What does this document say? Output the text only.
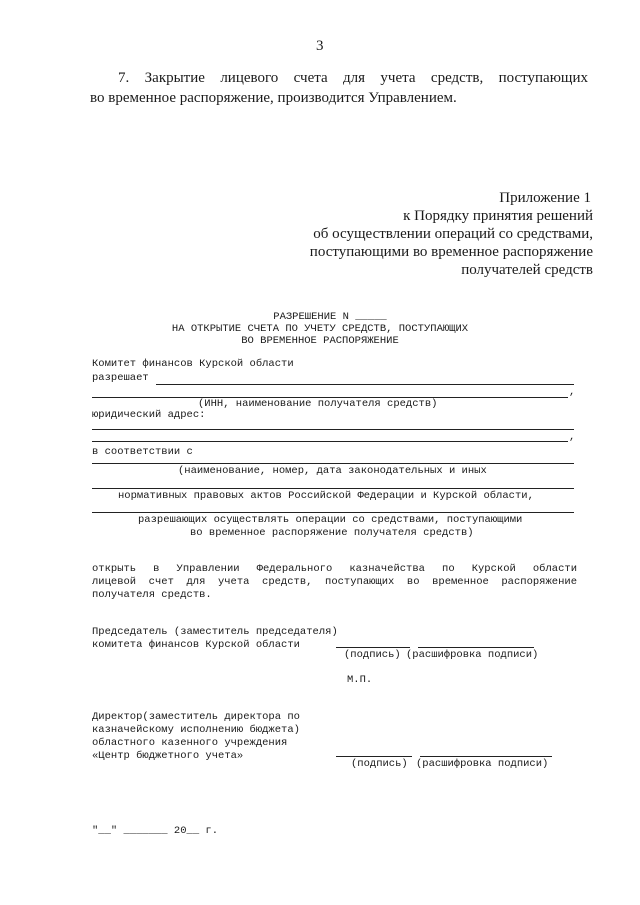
3
7. Закрытие лицевого счета для учета средств, поступающих
во временное распоряжение, производится Управлением.
Приложение 1
к Порядку принятия решений
об осуществлении операций со средствами,
поступающими во временное распоряжение
получателей средств
РАЗРЕШЕНИЕ N _____
НА ОТКРЫТИЕ СЧЕТА ПО УЧЕТУ СРЕДСТВ, ПОСТУПАЮЩИХ
ВО ВРЕМЕННОЕ РАСПОРЯЖЕНИЕ
Комитет финансов Курской области
разрешает
,
(ИНН, наименование получателя средств)
юридический адрес:
,
в соответствии с
(наименование, номер, дата законодательных и иных
нормативных правовых актов Российской Федерации и Курской области,
разрешающих осуществлять операции со средствами, поступающими
во временное распоряжение получателя средств)
открыть в Управлении Федерального казначейства по Курской области
лицевой счет для учета средств, поступающих во временное распоряжение
получателя средств.
Председатель (заместитель председателя)
комитета финансов Курской области
(подпись) (расшифровка подписи)
М.П.
Директор(заместитель директора по
казначейскому исполнению бюджета)
областного казенного учреждения
«Центр бюджетного учета»
(подпись) (расшифровка подписи)
"__" _______ 20__ г.
